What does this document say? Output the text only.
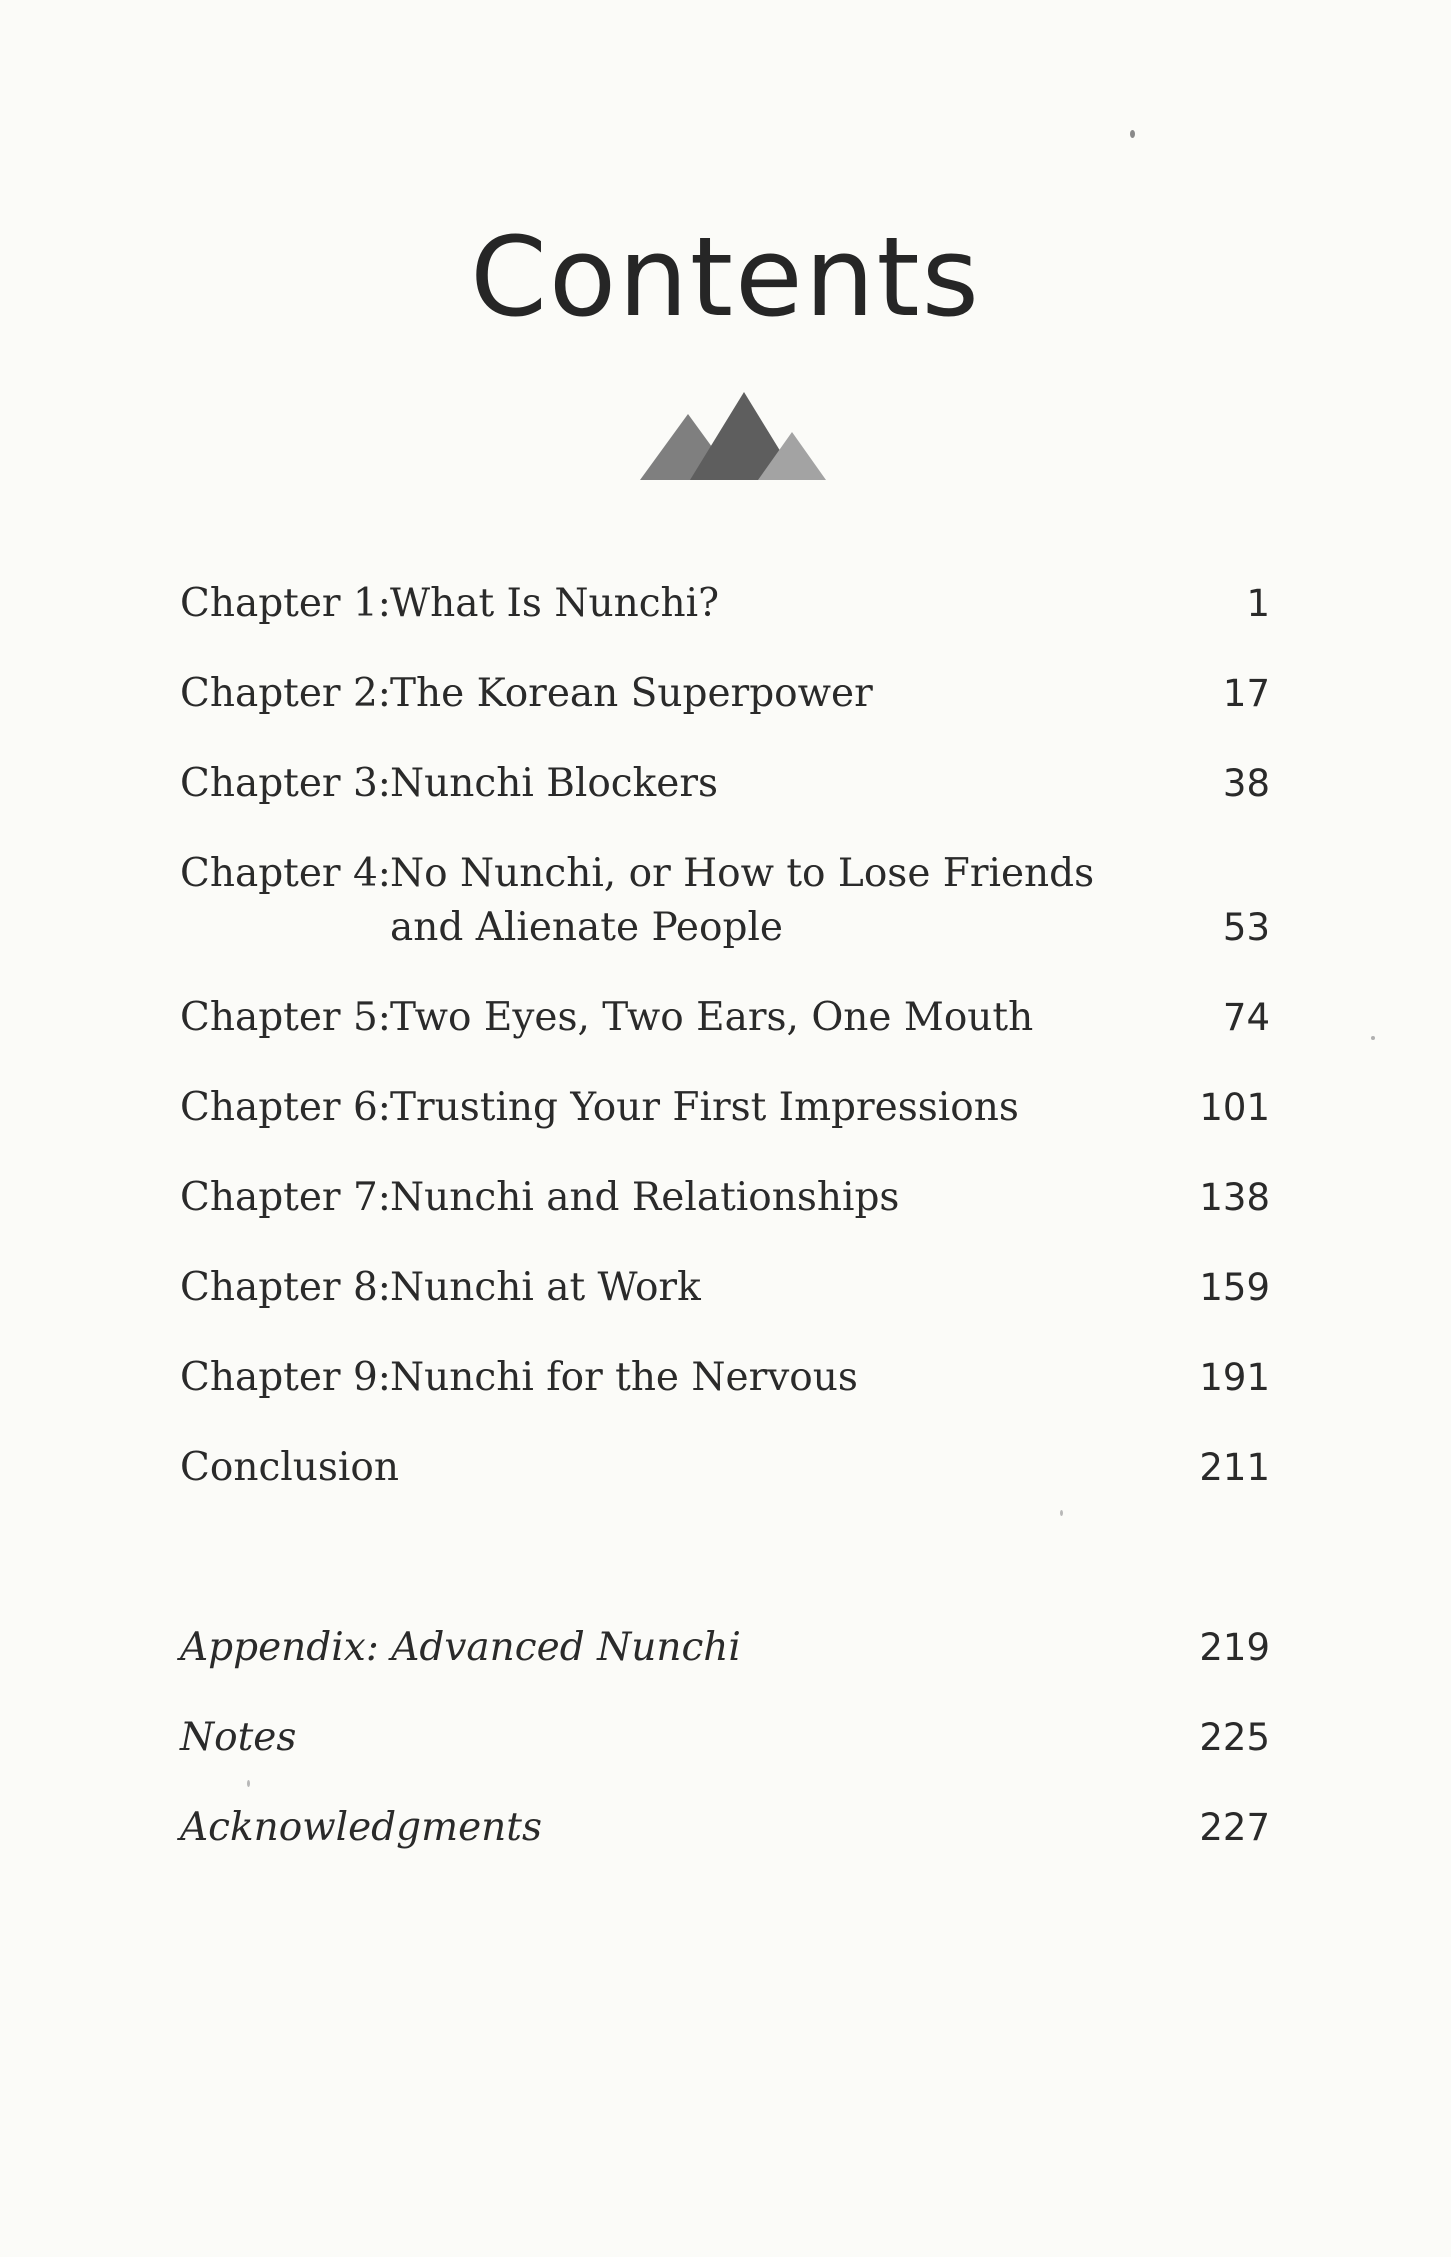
Contents
Chapter 1: What Is Nunchi?	1
Chapter 2: The Korean Superpower	17
Chapter 3: Nunchi Blockers	38
Chapter 4: No Nunchi, or How to Lose Friends
and Alienate People	53
Chapter 5: Two Eyes, Two Ears, One Mouth	74
Chapter 6: Trusting Your First Impressions	101
Chapter 7: Nunchi and Relationships	138
Chapter 8: Nunchi at Work	159
Chapter 9: Nunchi for the Nervous	191
Conclusion	211
Appendix: Advanced Nunchi	219
Notes	225
Acknowledgments	227
